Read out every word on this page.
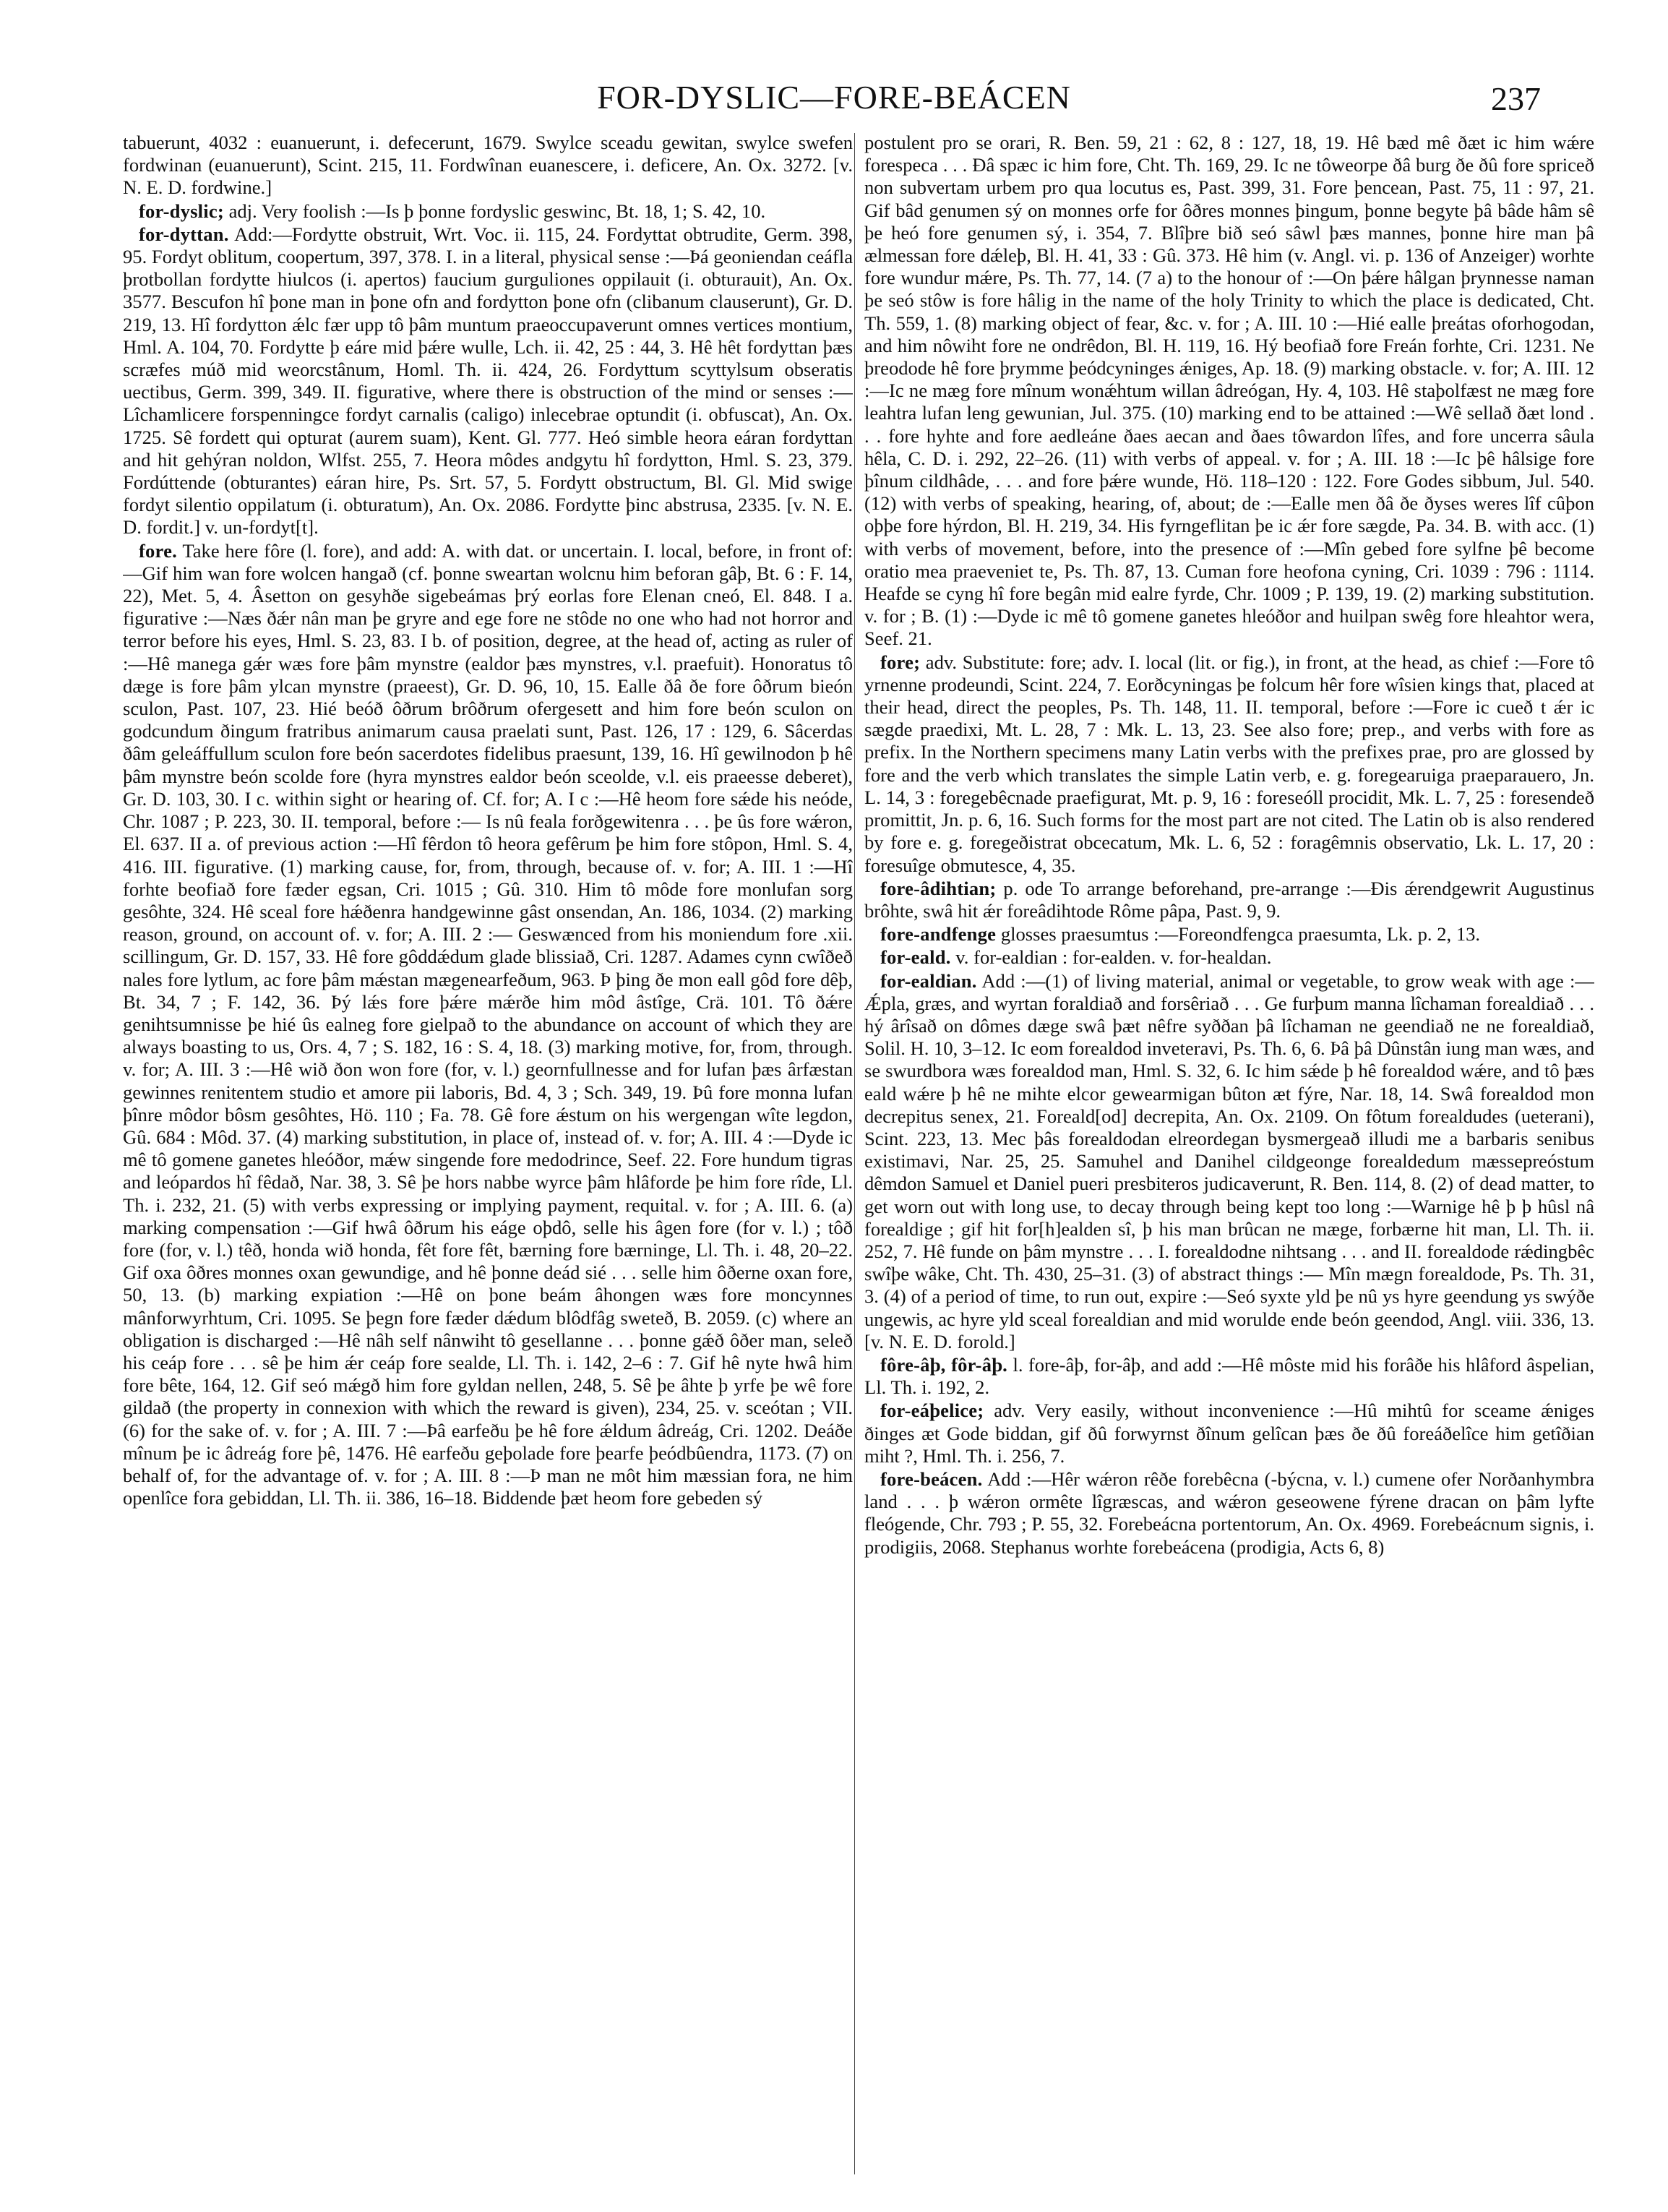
FOR-DYSLIC—FORE-BEÁCEN	237

tabuerunt, 4032 : euanuerunt, i. defecerunt, 1679. Swylce sceadu gewitan, swylce swefen fordwinan (euanuerunt), Scint. 215, 11. Fordwînan euanescere, i. deficere, An. Ox. 3272. [v. N. E. D. fordwine.]

for-dyslic; adj. Very foolish :—Is þ þonne fordyslic geswinc, Bt. 18, 1; S. 42, 10.

for-dyttan. Add:—Fordytte obstruit, Wrt. Voc. ii. 115, 24. Fordyttat obtrudite, Germ. 398, 95. Fordyt oblitum, coopertum, 397, 378. I. in a literal, physical sense :—Þá geoniendan ceáfla þrotbollan fordytte hiulcos (i. apertos) faucium gurguliones oppilauit (i. obturauit), An. Ox. 3577. Bescufon hî þone man in þone ofn and fordytton þone ofn (clibanum clauserunt), Gr. D. 219, 13. Hî fordytton ǽlc fær upp tô þâm muntum praeoccupaverunt omnes vertices montium, Hml. A. 104, 70. Fordytte þ eáre mid þǽre wulle, Lch. ii. 42, 25 : 44, 3. Hê hêt fordyttan þæs scræfes múð mid weorcstânum, Homl. Th. ii. 424, 26. Fordyttum scyttylsum obseratis uectibus, Germ. 399, 349. II. figurative, where there is obstruction of the mind or senses :—Lîchamlicere forspenningce fordyt carnalis (caligo) inlecebrae optundit (i. obfuscat), An. Ox. 1725. Sê fordett qui opturat (aurem suam), Kent. Gl. 777. Heó simble heora eáran fordyttan and hit gehýran noldon, Wlfst. 255, 7. Heora môdes andgytu hî fordytton, Hml. S. 23, 379. Fordúttende (obturantes) eáran hire, Ps. Srt. 57, 5. Fordytt obstructum, Bl. Gl. Mid swige fordyt silentio oppilatum (i. obturatum), An. Ox. 2086. Fordytte þinc abstrusa, 2335. [v. N. E. D. fordit.] v. un-fordyt[t].

fore. Take here fôre (l. fore), and add: A. with dat. or uncertain. I. local, before, in front of:—Gif him wan fore wolcen hangað (cf. þonne sweartan wolcnu him beforan gâþ, Bt. 6 : F. 14, 22), Met. 5, 4. Âsetton on gesyhðe sigebeámas þrý eorlas fore Elenan cneó, El. 848. I a. figurative :—Næs ðǽr nân man þe gryre and ege fore ne stôde no one who had not horror and terror before his eyes, Hml. S. 23, 83. I b. of position, degree, at the head of, acting as ruler of :—Hê manega gǽr wæs fore þâm mynstre (ealdor þæs mynstres, v.l. praefuit). Honoratus tô dæge is fore þâm ylcan mynstre (praeest), Gr. D. 96, 10, 15. Ealle ðâ ðe fore ôðrum bieón sculon, Past. 107, 23. Hié beóð ôðrum brôðrum ofergesett and him fore beón sculon on godcundum ðingum fratribus animarum causa praelati sunt, Past. 126, 17 : 129, 6. Sâcerdas ðâm geleáffullum sculon fore beón sacerdotes fidelibus praesunt, 139, 16. Hî gewilnodon þ hê þâm mynstre beón scolde fore (hyra mynstres ealdor beón sceolde, v.l. eis praeesse deberet), Gr. D. 103, 30. I c. within sight or hearing of. Cf. for; A. I c :—Hê heom fore sǽde his neóde, Chr. 1087 ; P. 223, 30. II. temporal, before :— Is nû feala forðgewitenra . . . þe ûs fore wǽron, El. 637. II a. of previous action :—Hî fêrdon tô heora gefêrum þe him fore stôpon, Hml. S. 4, 416. III. figurative. (1) marking cause, for, from, through, because of. v. for; A. III. 1 :—Hî forhte beofiað fore fæder egsan, Cri. 1015 ; Gû. 310. Him tô môde fore monlufan sorg gesôhte, 324. Hê sceal fore hǽðenra handgewinne gâst onsendan, An. 186, 1034. (2) marking reason, ground, on account of. v. for; A. III. 2 :— Geswænced from his moniendum fore .xii. scillingum, Gr. D. 157, 33. Hê fore gôddǽdum glade blissiað, Cri. 1287. Adames cynn cwîðeð nales fore lytlum, ac fore þâm mǽstan mægenearfeðum, 963. Þ þing ðe mon eall gôd fore dêþ, Bt. 34, 7 ; F. 142, 36. Þý lǽs fore þǽre mǽrðe him môd âstîge, Crä. 101. Tô ðǽre genihtsumnisse þe hié ûs ealneg fore gielpað to the abundance on account of which they are always boasting to us, Ors. 4, 7 ; S. 182, 16 : S. 4, 18. (3) marking motive, for, from, through. v. for; A. III. 3 :—Hê wið ðon won fore (for, v. l.) geornfullnesse and for lufan þæs ârfæstan gewinnes renitentem studio et amore pii laboris, Bd. 4, 3 ; Sch. 349, 19. Þû fore monna lufan þînre môdor bôsm gesôhtes, Hö. 110 ; Fa. 78. Gê fore ǽstum on his wergengan wîte legdon, Gû. 684 : Môd. 37. (4) marking substitution, in place of, instead of. v. for; A. III. 4 :—Dyde ic mê tô gomene ganetes hleóðor, mǽw singende fore medodrince, Seef. 22. Fore hundum tigras and leópardos hî fêdað, Nar. 38, 3. Sê þe hors nabbe wyrce þâm hlâforde þe him fore rîde, Ll. Th. i. 232, 21. (5) with verbs expressing or implying payment, requital. v. for ; A. III. 6. (a) marking compensation :—Gif hwâ ôðrum his eáge oþdô, selle his âgen fore (for v. l.) ; tôð fore (for, v. l.) têð, honda wið honda, fêt fore fêt, bærning fore bærninge, Ll. Th. i. 48, 20–22. Gif oxa ôðres monnes oxan gewundige, and hê þonne deád sié . . . selle him ôðerne oxan fore, 50, 13. (b) marking expiation :—Hê on þone beám âhongen wæs fore moncynnes mânforwyrhtum, Cri. 1095. Se þegn fore fæder dǽdum blôdfâg sweteð, B. 2059. (c) where an obligation is discharged :—Hê nâh self nânwiht tô gesellanne . . . þonne gǽð ôðer man, seleð his ceáp fore . . . sê þe him ǽr ceáp fore sealde, Ll. Th. i. 142, 2–6 : 7. Gif hê nyte hwâ him fore bête, 164, 12. Gif seó mǽgð him fore gyldan nellen, 248, 5. Sê þe âhte þ yrfe þe wê fore gildað (the property in connexion with which the reward is given), 234, 25. v. sceótan ; VII. (6) for the sake of. v. for ; A. III. 7 :—Þâ earfeðu þe hê fore ǽldum âdreág, Cri. 1202. Deáðe mînum þe ic âdreág fore þê, 1476. Hê earfeðu geþolade fore þearfe þeódbûendra, 1173. (7) on behalf of, for the advantage of. v. for ; A. III. 8 :—Þ man ne môt him mæssian fora, ne him openlîce fora gebiddan, Ll. Th. ii. 386, 16–18. Biddende þæt heom fore gebeden sý

postulent pro se orari, R. Ben. 59, 21 : 62, 8 : 127, 18, 19. Hê bæd mê ðæt ic him wǽre forespeca . . . Ðâ spæc ic him fore, Cht. Th. 169, 29. Ic ne tôweorpe ðâ burg ðe ðû fore spriceð non subvertam urbem pro qua locutus es, Past. 399, 31. Fore þencean, Past. 75, 11 : 97, 21. Gif bâd genumen sý on monnes orfe for ôðres monnes þingum, þonne begyte þâ bâde hâm sê þe heó fore genumen sý, i. 354, 7. Blîþre bið seó sâwl þæs mannes, þonne hire man þâ ælmessan fore dǽleþ, Bl. H. 41, 33 : Gû. 373. Hê him (v. Angl. vi. p. 136 of Anzeiger) worhte fore wundur mǽre, Ps. Th. 77, 14. (7 a) to the honour of :—On þǽre hâlgan þrynnesse naman þe seó stôw is fore hâlig in the name of the holy Trinity to which the place is dedicated, Cht. Th. 559, 1. (8) marking object of fear, &c. v. for ; A. III. 10 :—Hié ealle þreátas oforhogodan, and him nôwiht fore ne ondrêdon, Bl. H. 119, 16. Hý beofiað fore Freán forhte, Cri. 1231. Ne þreodode hê fore þrymme þeódcyninges ǽniges, Ap. 18. (9) marking obstacle. v. for; A. III. 12 :—Ic ne mæg fore mînum wonǽhtum willan âdreógan, Hy. 4, 103. Hê staþolfæst ne mæg fore leahtra lufan leng gewunian, Jul. 375. (10) marking end to be attained :—Wê sellað ðæt lond . . . fore hyhte and fore aedleáne ðaes aecan and ðaes tôwardon lîfes, and fore uncerra sâula hêla, C. D. i. 292, 22–26. (11) with verbs of appeal. v. for ; A. III. 18 :—Ic þê hâlsige fore þînum cildhâde, . . . and fore þǽre wunde, Hö. 118–120 : 122. Fore Godes sibbum, Jul. 540. (12) with verbs of speaking, hearing, of, about; de :—Ealle men ðâ ðe ðyses weres lîf cûþon oþþe fore hýrdon, Bl. H. 219, 34. His fyrngeflitan þe ic ǽr fore sægde, Pa. 34. B. with acc. (1) with verbs of movement, before, into the presence of :—Mîn gebed fore sylfne þê become oratio mea praeveniet te, Ps. Th. 87, 13. Cuman fore heofona cyning, Cri. 1039 : 796 : 1114. Heafde se cyng hî fore begân mid ealre fyrde, Chr. 1009 ; P. 139, 19. (2) marking substitution. v. for ; B. (1) :—Dyde ic mê tô gomene ganetes hleóðor and huilpan swêg fore hleahtor wera, Seef. 21.

fore; adv. Substitute: fore; adv. I. local (lit. or fig.), in front, at the head, as chief :—Fore tô yrnenne prodeundi, Scint. 224, 7. Eorðcyningas þe folcum hêr fore wîsien kings that, placed at their head, direct the peoples, Ps. Th. 148, 11. II. temporal, before :—Fore ic cueð t ǽr ic sægde praedixi, Mt. L. 28, 7 : Mk. L. 13, 23. See also fore; prep., and verbs with fore as prefix. In the Northern specimens many Latin verbs with the prefixes prae, pro are glossed by fore and the verb which translates the simple Latin verb, e. g. foregearuiga praeparauero, Jn. L. 14, 3 : foregebêcnade praefigurat, Mt. p. 9, 16 : foreseóll procidit, Mk. L. 7, 25 : foresendeð promittit, Jn. p. 6, 16. Such forms for the most part are not cited. The Latin ob is also rendered by fore e. g. foregeðistrat obcecatum, Mk. L. 6, 52 : foragêmnis observatio, Lk. L. 17, 20 : foresuîge obmutesce, 4, 35.

fore-âdihtian; p. ode To arrange beforehand, pre-arrange :—Ðis ǽrendgewrit Augustinus brôhte, swâ hit ǽr foreâdihtode Rôme pâpa, Past. 9, 9.

fore-andfenge glosses praesumtus :—Foreondfengca praesumta, Lk. p. 2, 13.

for-eald. v. for-ealdian : for-ealden. v. for-healdan.

for-ealdian. Add :—(1) of living material, animal or vegetable, to grow weak with age :—Ǽpla, græs, and wyrtan foraldiað and forsêriað . . . Ge furþum manna lîchaman forealdiað . . . hý ârîsað on dômes dæge swâ þæt nêfre syððan þâ lîchaman ne geendiað ne ne forealdiað, Solil. H. 10, 3–12. Ic eom forealdod inveteravi, Ps. Th. 6, 6. Þâ þâ Dûnstân iung man wæs, and se swurdbora wæs forealdod man, Hml. S. 32, 6. Ic him sǽde þ hê forealdod wǽre, and tô þæs eald wǽre þ hê ne mihte elcor gewearmigan bûton æt fýre, Nar. 18, 14. Swâ forealdod mon decrepitus senex, 21. Foreald[od] decrepita, An. Ox. 2109. On fôtum forealdudes (ueterani), Scint. 223, 13. Mec þâs forealdodan elreordegan bysmergeað illudi me a barbaris senibus existimavi, Nar. 25, 25. Samuhel and Danihel cildgeonge forealdedum mæssepreóstum dêmdon Samuel et Daniel pueri presbiteros judicaverunt, R. Ben. 114, 8. (2) of dead matter, to get worn out with long use, to decay through being kept too long :—Warnige hê þ þ hûsl nâ forealdige ; gif hit for[h]ealden sî, þ his man brûcan ne mæge, forbærne hit man, Ll. Th. ii. 252, 7. Hê funde on þâm mynstre . . . I. forealdodne nihtsang . . . and II. forealdode rǽdingbêc swîþe wâke, Cht. Th. 430, 25–31. (3) of abstract things :— Mîn mægn forealdode, Ps. Th. 31, 3. (4) of a period of time, to run out, expire :—Seó syxte yld þe nû ys hyre geendung ys swýðe ungewis, ac hyre yld sceal forealdian and mid worulde ende beón geendod, Angl. viii. 336, 13. [v. N. E. D. forold.]

fôre-âþ, fôr-âþ. l. fore-âþ, for-âþ, and add :—Hê môste mid his forâðe his hlâford âspelian, Ll. Th. i. 192, 2.

for-eáþelice; adv. Very easily, without inconvenience :—Hû mihtû for sceame ǽniges ðinges æt Gode biddan, gif ðû forwyrnst ðînum gelîcan þæs ðe ðû foreáðelîce him getîðian miht ?, Hml. Th. i. 256, 7.

fore-beácen. Add :—Hêr wǽron rêðe forebêcna (-býcna, v. l.) cumene ofer Norðanhymbra land . . . þ wǽron ormête lîgræscas, and wǽron geseowene fýrene dracan on þâm lyfte fleógende, Chr. 793 ; P. 55, 32. Forebeácna portentorum, An. Ox. 4969. Forebeácnum signis, i. prodigiis, 2068. Stephanus worhte forebeácena (prodigia, Acts 6, 8)
